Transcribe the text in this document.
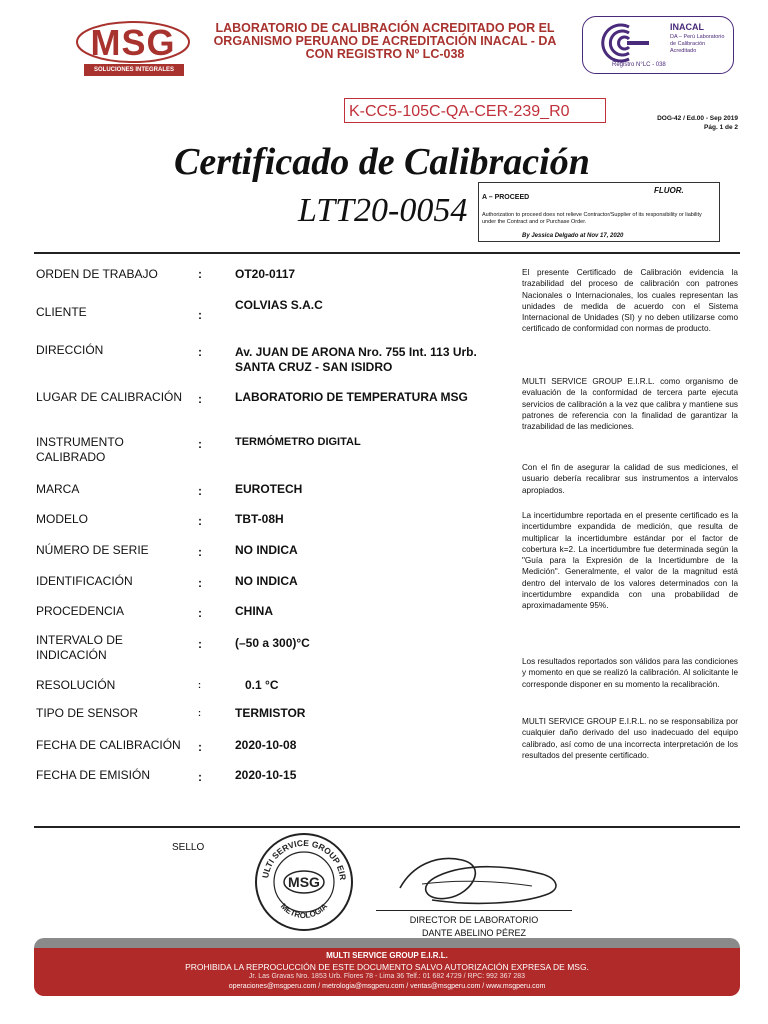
MSG
SOLUCIONES INTEGRALES
LABORATORIO DE CALIBRACIÓN ACREDITADO POR EL
ORGANISMO PERUANO DE ACREDITACIÓN INACAL - DA
CON REGISTRO Nº LC-038
INACAL
DA – Perú Laboratorio de Calibración Acreditado
Registro N°LC - 038
K-CC5-105C-QA-CER-239_R0	DOG-42 / Ed.00 - Sep 2019
Pág. 1 de 2
Certificado de Calibración
LTT20-0054 A – PROCEED
FLUOR.
Authorization to proceed does not relieve Contractor/Supplier of its responsibility or liability under the Contract and or Purchase Order.
By Jessica Delgado at Nov 17, 2020
ORDEN DE TRABAJO	:	OT20-0117
CLIENTE	:
COLVIAS S.A.C
DIRECCIÓN	:	Av. JUAN DE ARONA Nro. 755 Int. 113 Urb. SANTA CRUZ - SAN ISIDRO
LUGAR DE CALIBRACIÓN	:	LABORATORIO DE TEMPERATURA MSG
INSTRUMENTO CALIBRADO
:	TERMÓMETRO DIGITAL
MARCA	:	EUROTECH
MODELO	:	TBT-08H
NÚMERO DE SERIE	:	NO INDICA
IDENTIFICACIÓN	:	NO INDICA
PROCEDENCIA	:	CHINA
INTERVALO DE INDICACIÓN
:	(–50 a 300)°C
RESOLUCIÓN	:	0.1 °C
TIPO DE SENSOR	:	TERMISTOR
FECHA DE CALIBRACIÓN	:	2020-10-08
FECHA DE EMISIÓN	:	2020-10-15
El presente Certificado de Calibración evidencia la trazabilidad del proceso de calibración con patrones Nacionales o Internacionales, los cuales representan las unidades de medida de acuerdo con el Sistema Internacional de Unidades (SI) y no deben utilizarse como certificado de conformidad con normas de producto.
MULTI SERVICE GROUP E.I.R.L. como organismo de evaluación de la conformidad de tercera parte ejecuta servicios de calibración a la vez que calibra y mantiene sus patrones de referencia con la finalidad de garantizar la trazabilidad de las mediciones.
Con el fin de asegurar la calidad de sus mediciones, el usuario debería recalibrar sus instrumentos a intervalos apropiados.
La incertidumbre reportada en el presente certificado es la incertidumbre expandida de medición, que resulta de multiplicar la incertidumbre estándar por el factor de cobertura k=2. La incertidumbre fue determinada según la "Guía para la Expresión de la Incertidumbre de la Medición". Generalmente, el valor de la magnitud está dentro del intervalo de los valores determinados con la incertidumbre expandida con una probabilidad de aproximadamente 95%.
Los resultados reportados son válidos para las condiciones y momento en que se realizó la calibración. Al solicitante le corresponde disponer en su momento la recalibración.
MULTI SERVICE GROUP E.I.R.L. no se responsabiliza por cualquier daño derivado del uso inadecuado del equipo calibrado, así como de una incorrecta interpretación de los resultados del presente certificado.
SELLO
ULTI SERVICE GROUP EIR
METROLOGIA
MSG
DIRECTOR DE LABORATORIO
DANTE ABELINO PÉREZ
MULTI SERVICE GROUP E.I.R.L.
PROHIBIDA LA REPROCUCCIÓN DE ESTE DOCUMENTO SALVO AUTORIZACIÓN EXPRESA DE MSG.
Jr. Las Gravas Nro. 1853 Urb. Flores 78 - Lima 36 Telf.: 01 682 4729 / RPC: 992 367 283
operaciones@msgperu.com / metrologia@msgperu.com / ventas@msgperu.com / www.msgperu.com
